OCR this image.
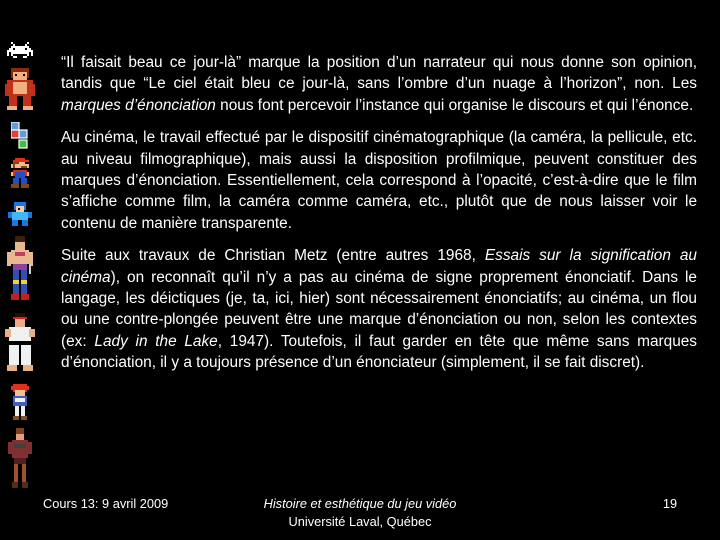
“Il faisait beau ce jour-là” marque la position d’un narrateur qui nous donne son opinion, tandis que “Le ciel était bleu ce jour-là, sans l’ombre d’un nuage à l’horizon”, non. Les marques d’énonciation nous font percevoir l’instance qui organise le discours et qui l’énonce.

Au cinéma, le travail effectué par le dispositif cinématographique (la caméra, la pellicule, etc. au niveau filmographique), mais aussi la disposition profilmique, peuvent constituer des marques d’énonciation. Essentiellement, cela correspond à l’opacité, c’est-à-dire que le film s’affiche comme film, la caméra comme caméra, etc., plutôt que de nous laisser voir le contenu de manière transparente.

Suite aux travaux de Christian Metz (entre autres 1968, Essais sur la signification au cinéma), on reconnaît qu’il n’y a pas au cinéma de signe proprement énonciatif. Dans le langage, les déictiques (je, ta, ici, hier) sont nécessairement énonciatifs; au cinéma, un flou ou une contre-plongée peuvent être une marque d’énonciation ou non, selon les contextes (ex: Lady in the Lake, 1947). Toutefois, il faut garder en tête que même sans marques d’énonciation, il y a toujours présence d’un énonciateur (simplement, il se fait discret).

Cours 13: 9 avril 2009	Histoire et esthétique du jeu vidéo
Université Laval, Québec
19
